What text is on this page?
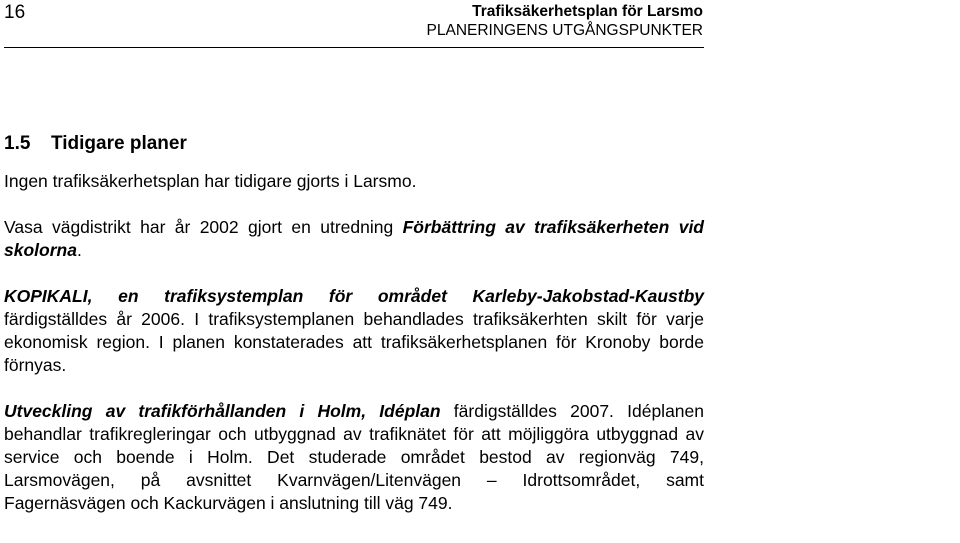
16	Trafiksäkerhetsplan för Larsmo
PLANERINGENS UTGÅNGSPUNKTER
1.5 Tidigare planer

Ingen trafiksäkerhetsplan har tidigare gjorts i Larsmo.

Vasa vägdistrikt har år 2002 gjort en utredning Förbättring av trafiksäkerheten vid skolorna.

KOPIKALI, en trafiksystemplan för området Karleby-Jakobstad-Kaustby färdigställdes år 2006. I trafiksystemplanen behandlades trafiksäkerhten skilt för varje ekonomisk region. I planen konstaterades att trafiksäkerhetsplanen för Kronoby borde förnyas.

Utveckling av trafikförhållanden i Holm, Idéplan färdigställdes 2007. Idéplanen behandlar trafikregleringar och utbyggnad av trafiknätet för att möjliggöra utbyggnad av service och boende i Holm. Det studerade området bestod av regionväg 749, Larsmovägen, på avsnittet Kvarnvägen/Litenvägen – Idrottsområdet, samt Fagernäsvägen och Kackurvägen i anslutning till väg 749.
